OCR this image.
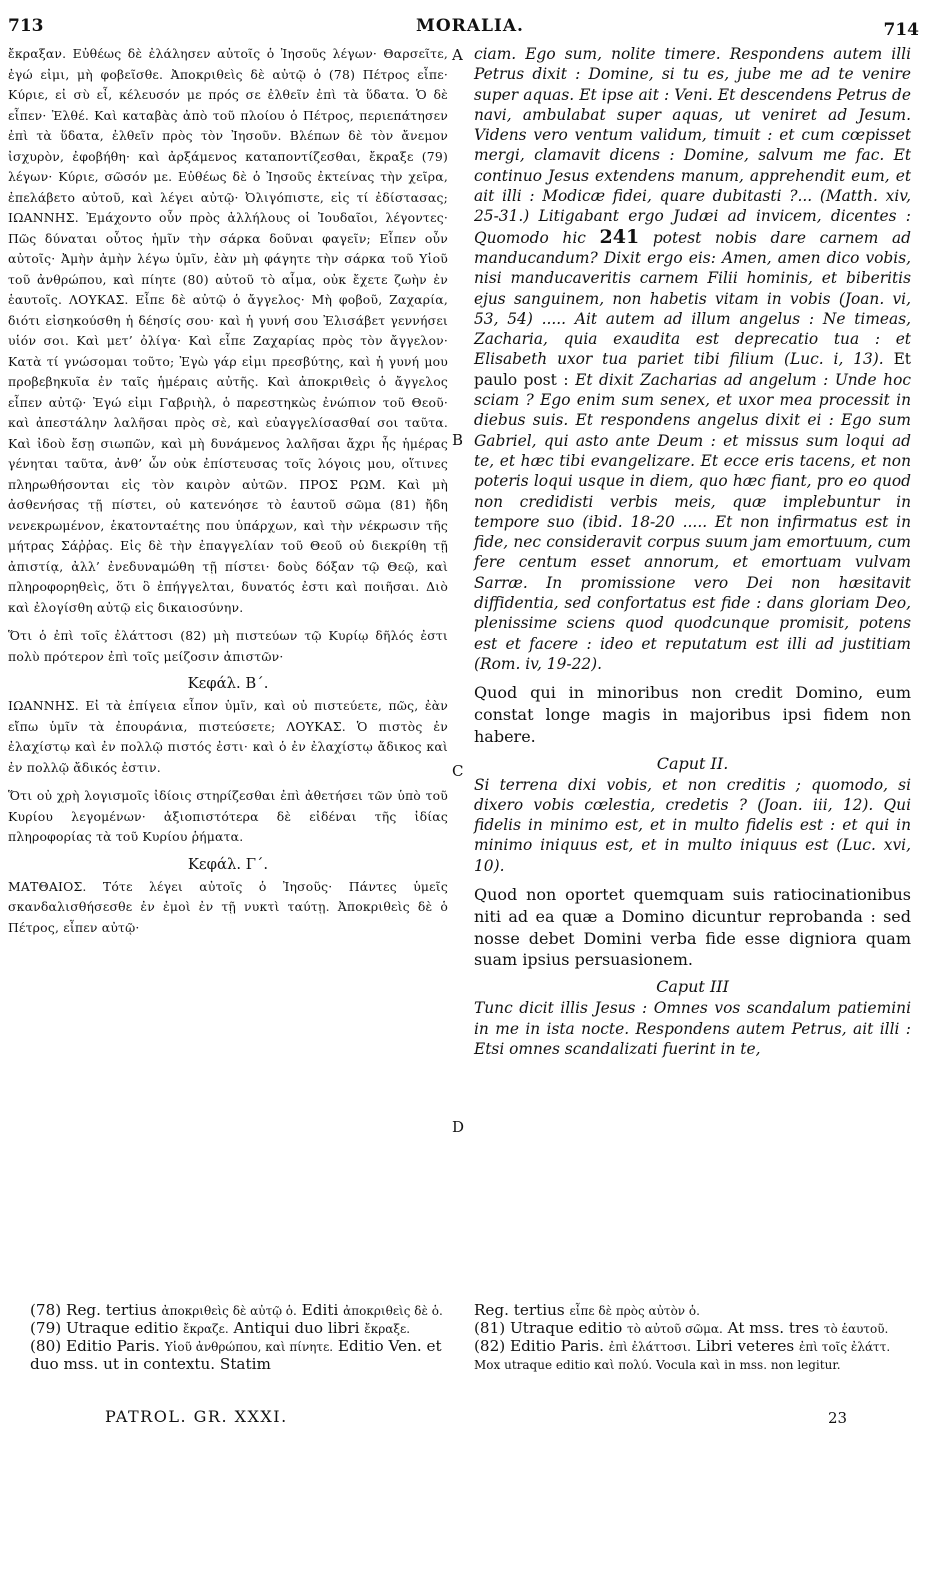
713	MORALIA.	714
A
B
C
D

ἔκραξαν. Εὐθέως δὲ ἐλάλησεν αὐτοῖς ὁ Ἰησοῦς λέγων· Θαρσεῖτε, ἐγώ εἰμι, μὴ φοβεῖσθε. Ἀποκριθεὶς δὲ αὐτῷ ὁ (78) Πέτρος εἶπε· Κύριε, εἰ σὺ εἶ, κέλευσόν με πρός σε ἐλθεῖν ἐπὶ τὰ ὕδατα. Ὁ δὲ εἶπεν· Ἐλθέ. Καὶ καταβὰς ἀπὸ τοῦ πλοίου ὁ Πέτρος, περιεπάτησεν ἐπὶ τὰ ὕδατα, ἐλθεῖν πρὸς τὸν Ἰησοῦν. Βλέπων δὲ τὸν ἄνεμον ἰσχυρὸν, ἐφοβήθη· καὶ ἀρξάμενος καταποντίζεσθαι, ἔκραξε (79) λέγων· Κύριε, σῶσόν με. Εὐθέως δὲ ὁ Ἰησοῦς ἐκτείνας τὴν χεῖρα, ἐπελάβετο αὐτοῦ, καὶ λέγει αὐτῷ· Ὀλιγόπιστε, εἰς τί ἐδίστασας; ΙΩΑΝΝΗΣ. Ἐμάχοντο οὖν πρὸς ἀλλήλους οἱ Ἰουδαῖοι, λέγοντες· Πῶς δύναται οὗτος ἡμῖν τὴν σάρκα δοῦναι φαγεῖν; Εἶπεν οὖν αὐτοῖς· Ἀμὴν ἀμὴν λέγω ὑμῖν, ἐὰν μὴ φάγητε τὴν σάρκα τοῦ Υἱοῦ τοῦ ἀνθρώπου, καὶ πίητε (80) αὐτοῦ τὸ αἷμα, οὐκ ἔχετε ζωὴν ἐν ἑαυτοῖς. ΛΟΥΚΑΣ. Εἶπε δὲ αὐτῷ ὁ ἄγγελος· Μὴ φοβοῦ, Ζαχαρία, διότι εἰσηκούσθη ἡ δέησίς σου· καὶ ἡ γυνή σου Ἐλισάβετ γεννήσει υἱόν σοι. Καὶ μετ’ ὀλίγα· Καὶ εἶπε Ζαχαρίας πρὸς τὸν ἄγγελον· Κατὰ τί γνώσομαι τοῦτο; Ἐγὼ γάρ εἰμι πρεσβύτης, καὶ ἡ γυνή μου προβεβηκυῖα ἐν ταῖς ἡμέραις αὐτῆς. Καὶ ἀποκριθεὶς ὁ ἄγγελος εἶπεν αὐτῷ· Ἐγώ εἰμι Γαβριὴλ, ὁ παρεστηκὼς ἐνώπιον τοῦ Θεοῦ· καὶ ἀπεστάλην λαλῆσαι πρὸς σὲ, καὶ εὐαγγελίσασθαί σοι ταῦτα. Καὶ ἰδοὺ ἔσῃ σιωπῶν, καὶ μὴ δυνάμενος λαλῆσαι ἄχρι ἧς ἡμέρας γένηται ταῦτα, ἀνθ’ ὧν οὐκ ἐπίστευσας τοῖς λόγοις μου, οἵτινες πληρωθήσονται εἰς τὸν καιρὸν αὐτῶν. ΠΡΟΣ ΡΩΜ. Καὶ μὴ ἀσθενήσας τῇ πίστει, οὐ κατενόησε τὸ ἑαυτοῦ σῶμα (81) ἤδη νενεκρωμένον, ἑκατονταέτης που ὑπάρχων, καὶ τὴν νέκρωσιν τῆς μήτρας Σάῤῥας. Εἰς δὲ τὴν ἐπαγγελίαν τοῦ Θεοῦ οὐ διεκρίθη τῇ ἀπιστίᾳ, ἀλλ’ ἐνεδυναμώθη τῇ πίστει· δοὺς δόξαν τῷ Θεῷ, καὶ πληροφορηθεὶς, ὅτι ὃ ἐπήγγελται, δυνατός ἐστι καὶ ποιῆσαι. Διὸ καὶ ἐλογίσθη αὐτῷ εἰς δικαιοσύνην.

Ὅτι ὁ ἐπὶ τοῖς ἐλάττοσι (82) μὴ πιστεύων τῷ Κυρίῳ δῆλός ἐστι πολὺ πρότερον ἐπὶ τοῖς μείζοσιν ἀπιστῶν·

Κεφάλ. Β΄.

ΙΩΑΝΝΗΣ. Εἰ τὰ ἐπίγεια εἶπον ὑμῖν, καὶ οὐ πιστεύετε, πῶς, ἐὰν εἴπω ὑμῖν τὰ ἐπουράνια, πιστεύσετε; ΛΟΥΚΑΣ. Ὁ πιστὸς ἐν ἐλαχίστῳ καὶ ἐν πολλῷ πιστός ἐστι· καὶ ὁ ἐν ἐλαχίστῳ ἄδικος καὶ ἐν πολλῷ ἄδικός ἐστιν.

Ὅτι οὐ χρὴ λογισμοῖς ἰδίοις στηρίζεσθαι ἐπὶ ἀθετήσει τῶν ὑπὸ τοῦ Κυρίου λεγομένων· ἀξιοπιστότερα δὲ εἰδέναι τῆς ἰδίας πληροφορίας τὰ τοῦ Κυρίου ῥήματα.

Κεφάλ. Γ΄.

ΜΑΤΘΑΙΟΣ. Τότε λέγει αὐτοῖς ὁ Ἰησοῦς· Πάντες ὑμεῖς σκανδαλισθήσεσθε ἐν ἐμοὶ ἐν τῇ νυκτὶ ταύτῃ. Ἀποκριθεὶς δὲ ὁ Πέτρος, εἶπεν αὐτῷ·

ciam. Ego sum, nolite timere. Respondens autem illi Petrus dixit : Domine, si tu es, jube me ad te venire super aquas. Et ipse ait : Veni. Et descendens Petrus de navi, ambulabat super aquas, ut veniret ad Jesum. Videns vero ventum validum, timuit : et cum cœpisset mergi, clamavit dicens : Domine, salvum me fac. Et continuo Jesus extendens manum, apprehendit eum, et ait illi : Modicæ fidei, quare dubitasti ?... (Matth. xiv, 25-31.) Litigabant ergo Judæi ad invicem, dicentes : Quomodo hic 241 potest nobis dare carnem ad manducandum? Dixit ergo eis: Amen, amen dico vobis, nisi manducaveritis carnem Filii hominis, et biberitis ejus sanguinem, non habetis vitam in vobis (Joan. vi, 53, 54) ..... Ait autem ad illum angelus : Ne timeas, Zacharia, quia exaudita est deprecatio tua : et Elisabeth uxor tua pariet tibi filium (Luc. i, 13). Et paulo post : Et dixit Zacharias ad angelum : Unde hoc sciam ? Ego enim sum senex, et uxor mea processit in diebus suis. Et respondens angelus dixit ei : Ego sum Gabriel, qui asto ante Deum : et missus sum loqui ad te, et hæc tibi evangelizare. Et ecce eris tacens, et non poteris loqui usque in diem, quo hæc fiant, pro eo quod non credidisti verbis meis, quæ implebuntur in tempore suo (ibid. 18-20 ..... Et non infirmatus est in fide, nec consideravit corpus suum jam emortuum, cum fere centum esset annorum, et emortuam vulvam Sarræ. In promissione vero Dei non hæsitavit diffidentia, sed confortatus est fide : dans gloriam Deo, plenissime sciens quod quodcunque promisit, potens est et facere : ideo et reputatum est illi ad justitiam (Rom. iv, 19-22).

Quod qui in minoribus non credit Domino, eum constat longe magis in majoribus ipsi fidem non habere.

Caput II.

Si terrena dixi vobis, et non creditis ; quomodo, si dixero vobis cœlestia, credetis ? (Joan. iii, 12). Qui fidelis in minimo est, et in multo fidelis est : et qui in minimo iniquus est, et in multo iniquus est (Luc. xvi, 10).

Quod non oportet quemquam suis ratiocinationibus niti ad ea quæ a Domino dicuntur reprobanda : sed nosse debet Domini verba fide esse digniora quam suam ipsius persuasionem.

Caput III

Tunc dicit illis Jesus : Omnes vos scandalum patiemini in me in ista nocte. Respondens autem Petrus, ait illi : Etsi omnes scandalizati fuerint in te,

(78) Reg. tertius ἀποκριθεὶς δὲ αὐτῷ ὁ. Editi ἀποκριθεὶς δὲ ὁ.

(79) Utraque editio ἔκραζε. Antiqui duo libri ἔκραξε.

(80) Editio Paris. Υἱοῦ ἀνθρώπου, καὶ πίνητε. Editio Ven. et duo mss. ut in contextu. Statim

Reg. tertius εἶπε δὲ πρὸς αὐτὸν ὁ.

(81) Utraque editio τὸ αὐτοῦ σῶμα. At mss. tres τὸ ἑαυτοῦ.

(82) Editio Paris. ἐπὶ ἐλάττοσι. Libri veteres ἐπὶ τοῖς ἐλάττ. Mox utraque editio καὶ πολύ. Vocula καὶ in mss. non legitur.

PATROL. GR. XXXI.	23
